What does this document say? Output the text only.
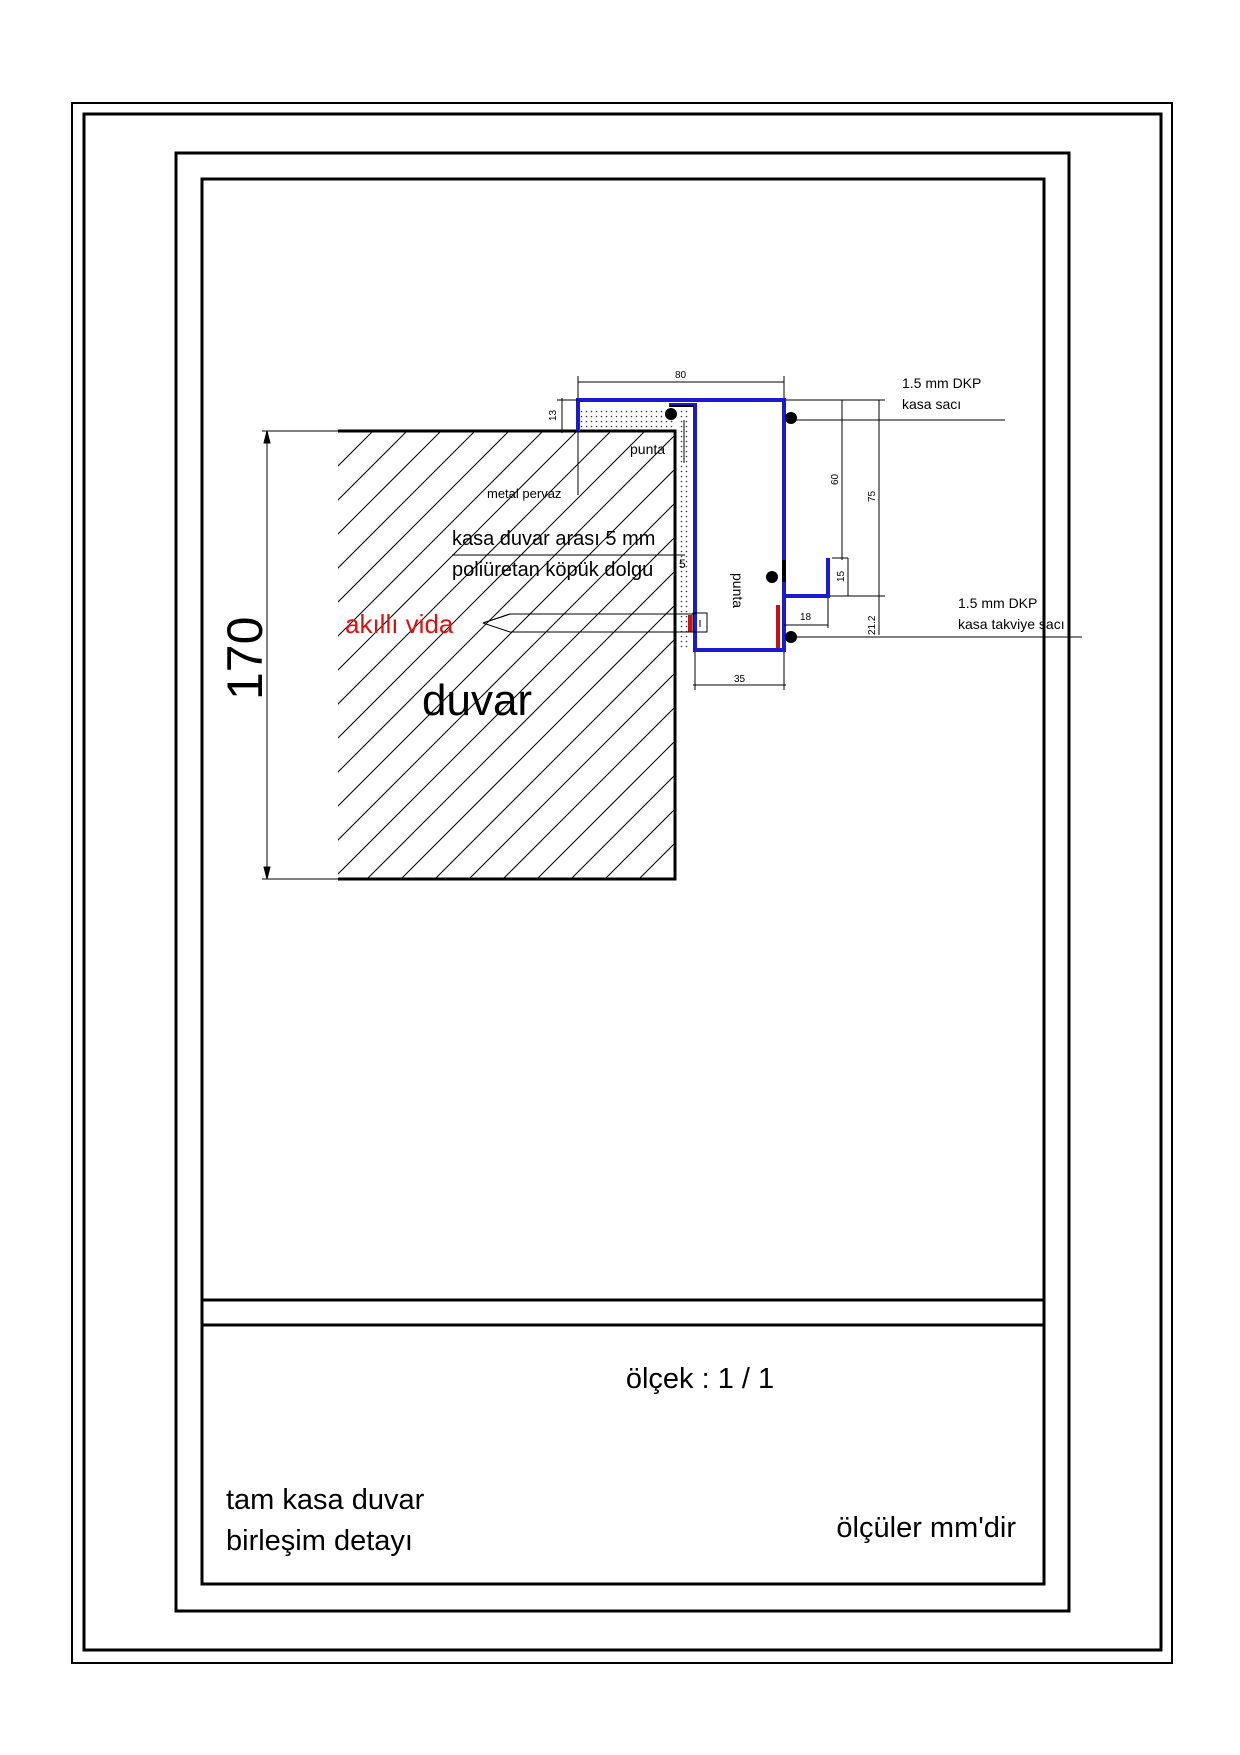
duvar
170	akıllı vida
kasa duvar arası 5 mm
poliüretan köpük dolgu 5
metal pervaz
punta
punta
80
13
60
75
15
21.2
18
35
1.5 mm DKP
kasa sacı
1.5 mm DKP
kasa takviye sacı
ölçek : 1 / 1
tam kasa duvar
birleşim detayı	ölçüler mm'dir
